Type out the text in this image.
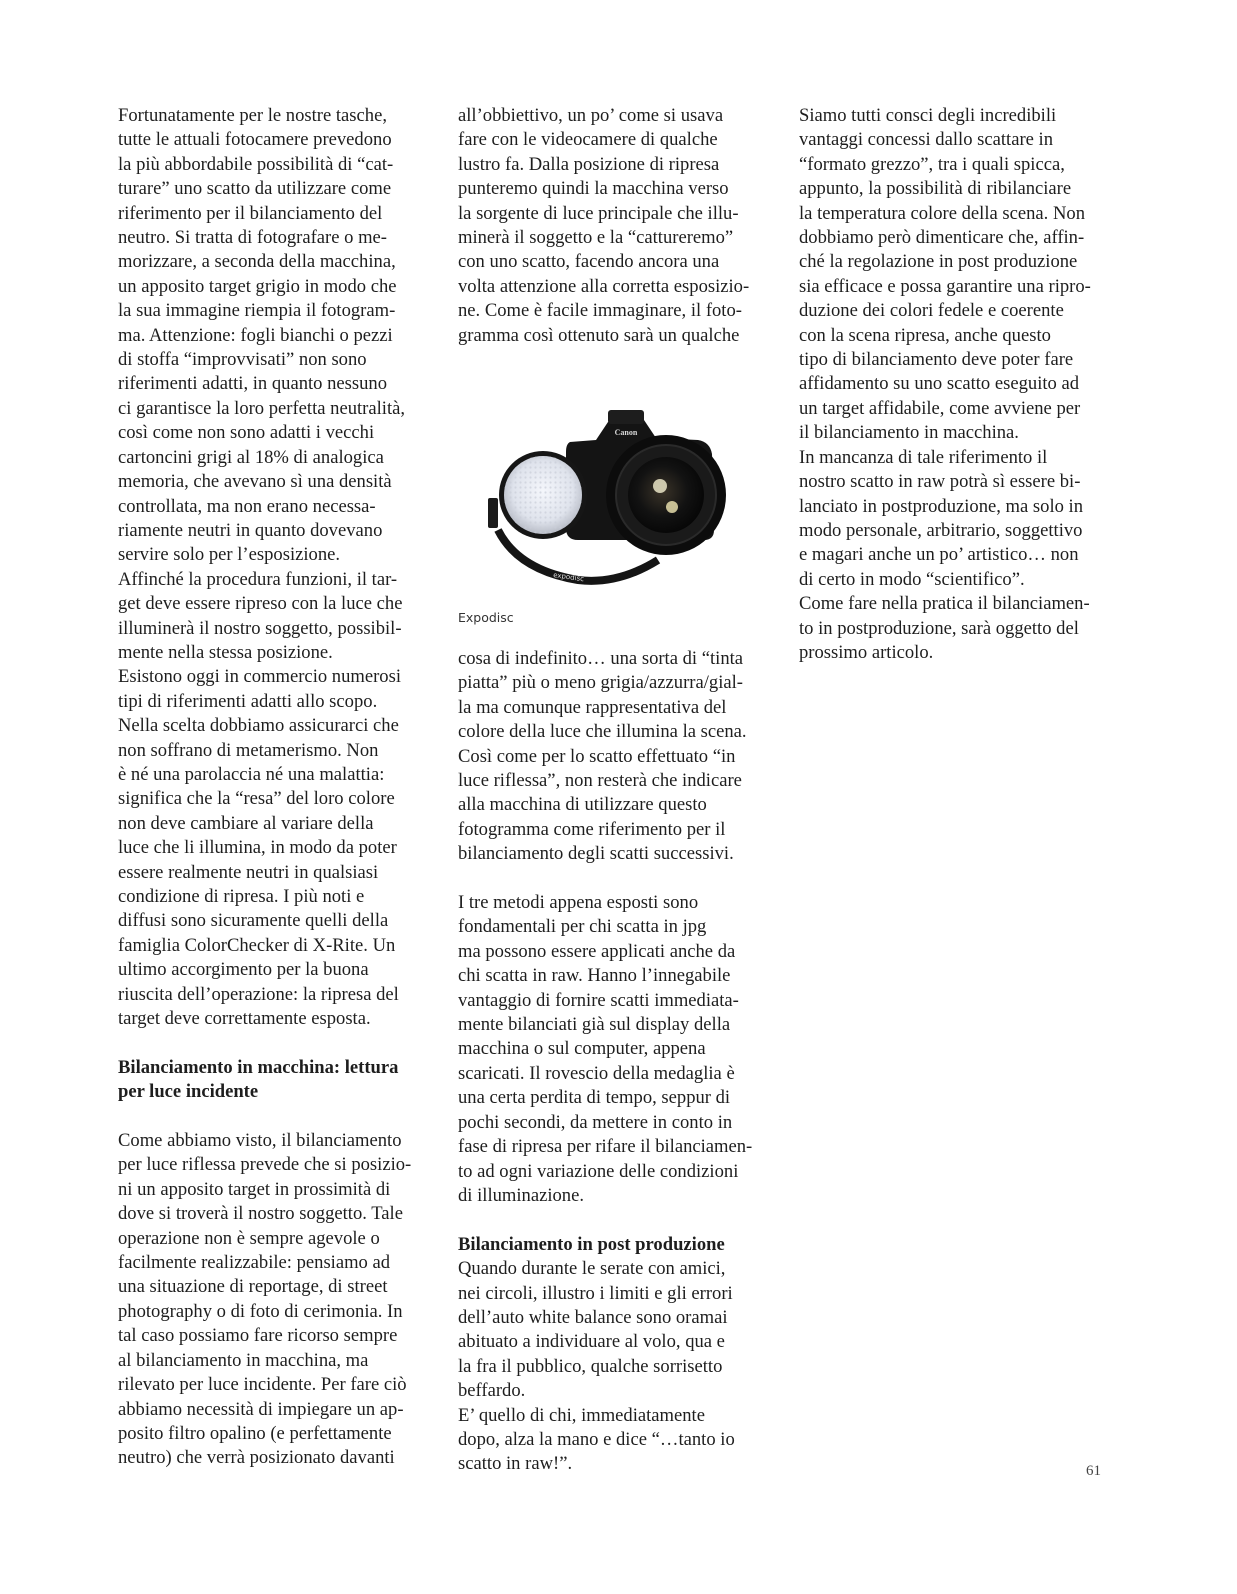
Fortunatamente per le nostre tasche,
tutte le attuali fotocamere prevedono
la più abbordabile possibilità di “cat-
turare” uno scatto da utilizzare come
riferimento per il bilanciamento del
neutro. Si tratta di fotografare o me-
morizzare, a seconda della macchina,
un apposito target grigio in modo che
la sua immagine riempia il fotogram-
ma. Attenzione: fogli bianchi o pezzi
di stoffa “improvvisati” non sono
riferimenti adatti, in quanto nessuno
ci garantisce la loro perfetta neutralità,
così come non sono adatti i vecchi
cartoncini grigi al 18% di analogica
memoria, che avevano sì una densità
controllata, ma non erano necessa-
riamente neutri in quanto dovevano
servire solo per l’esposizione.
Affinché la procedura funzioni, il tar-
get deve essere ripreso con la luce che
illuminerà il nostro soggetto, possibil-
mente nella stessa posizione.
Esistono oggi in commercio numerosi
tipi di riferimenti adatti allo scopo.
Nella scelta dobbiamo assicurarci che
non soffrano di metamerismo. Non
è né una parolaccia né una malattia:
significa che la “resa” del loro colore
non deve cambiare al variare della
luce che li illumina, in modo da poter
essere realmente neutri in qualsiasi
condizione di ripresa. I più noti e
diffusi sono sicuramente quelli della
famiglia ColorChecker di X-Rite. Un
ultimo accorgimento per la buona
riuscita dell’operazione: la ripresa del
target deve correttamente esposta.
Bilanciamento in macchina: lettura
per luce incidente
Come abbiamo visto, il bilanciamento
per luce riflessa prevede che si posizio-
ni un apposito target in prossimità di
dove si troverà il nostro soggetto. Tale
operazione non è sempre agevole o
facilmente realizzabile: pensiamo ad
una situazione di reportage, di street
photography o di foto di cerimonia. In
tal caso possiamo fare ricorso sempre
al bilanciamento in macchina, ma
rilevato per luce incidente. Per fare ciò
abbiamo necessità di impiegare un ap-
posito filtro opalino (e perfettamente
neutro) che verrà posizionato davanti
all’obbiettivo, un po’ come si usava
fare con le videocamere di qualche
lustro fa. Dalla posizione di ripresa
punteremo quindi la macchina verso
la sorgente di luce principale che illu-
minerà il soggetto e la “cattureremo”
con uno scatto, facendo ancora una
volta attenzione alla corretta esposizio-
ne. Come è facile immaginare, il foto-
gramma così ottenuto sarà un qualche
Canon
expodisc
Expodisc
cosa di indefinito… una sorta di “tinta
piatta” più o meno grigia/azzurra/gial-
la ma comunque rappresentativa del
colore della luce che illumina la scena.
Così come per lo scatto effettuato “in
luce riflessa”, non resterà che indicare
alla macchina di utilizzare questo
fotogramma come riferimento per il
bilanciamento degli scatti successivi.
I tre metodi appena esposti sono
fondamentali per chi scatta in jpg
ma possono essere applicati anche da
chi scatta in raw. Hanno l’innegabile
vantaggio di fornire scatti immediata-
mente bilanciati già sul display della
macchina o sul computer, appena
scaricati. Il rovescio della medaglia è
una certa perdita di tempo, seppur di
pochi secondi, da mettere in conto in
fase di ripresa per rifare il bilanciamen-
to ad ogni variazione delle condizioni
di illuminazione.
Bilanciamento in post produzione
Quando durante le serate con amici,
nei circoli, illustro i limiti e gli errori
dell’auto white balance sono oramai
abituato a individuare al volo, qua e
la fra il pubblico, qualche sorrisetto
beffardo.
E’ quello di chi, immediatamente
dopo, alza la mano e dice “…tanto io
scatto in raw!”.
Siamo tutti consci degli incredibili
vantaggi concessi dallo scattare in
“formato grezzo”, tra i quali spicca,
appunto, la possibilità di ribilanciare
la temperatura colore della scena. Non
dobbiamo però dimenticare che, affin-
ché la regolazione in post produzione
sia efficace e possa garantire una ripro-
duzione dei colori fedele e coerente
con la scena ripresa, anche questo
tipo di bilanciamento deve poter fare
affidamento su uno scatto eseguito ad
un target affidabile, come avviene per
il bilanciamento in macchina.
In mancanza di tale riferimento il
nostro scatto in raw potrà sì essere bi-
lanciato in postproduzione, ma solo in
modo personale, arbitrario, soggettivo
e magari anche un po’ artistico… non
di certo in modo “scientifico”.
Come fare nella pratica il bilanciamen-
to in postproduzione, sarà oggetto del
prossimo articolo.
61
